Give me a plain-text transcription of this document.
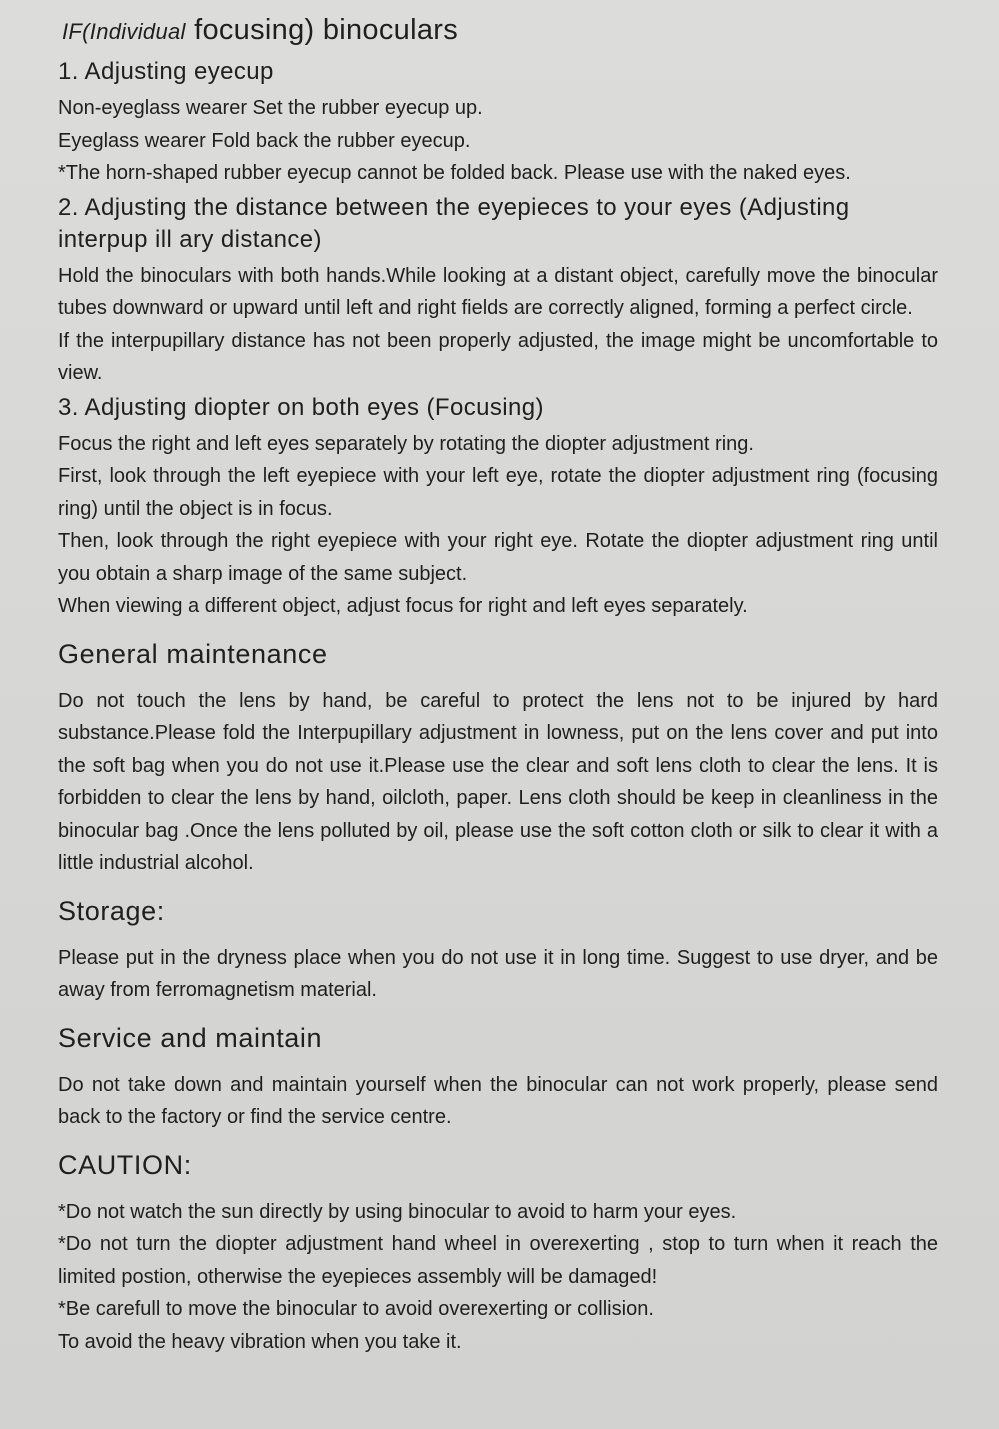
IF(Individual focusing) binoculars
1. Adjusting eyecup

Non-eyeglass wearer Set the rubber eyecup up.

Eyeglass wearer Fold back the rubber eyecup.

*The horn-shaped rubber eyecup cannot be folded back. Please use with the naked eyes.

2. Adjusting the distance between the eyepieces to your eyes (Adjusting interpup ill ary distance)

Hold the binoculars with both hands.While looking at a distant object, carefully move the binocular tubes downward or upward until left and right fields are correctly aligned, forming a perfect circle.

If the interpupillary distance has not been properly adjusted, the image might be uncomfortable to view.

3. Adjusting diopter on both eyes (Focusing)

Focus the right and left eyes separately by rotating the diopter adjustment ring.

First, look through the left eyepiece with your left eye, rotate the diopter adjustment ring (focusing ring) until the object is in focus.

Then, look through the right eyepiece with your right eye. Rotate the diopter adjustment ring until you obtain a sharp image of the same subject.

When viewing a different object, adjust focus for right and left eyes separately.

General maintenance

Do not touch the lens by hand, be careful to protect the lens not to be injured by hard substance.Please fold the Interpupillary adjustment in lowness, put on the lens cover and put into the soft bag when you do not use it.Please use the clear and soft lens cloth to clear the lens. It is forbidden to clear the lens by hand, oilcloth, paper. Lens cloth should be keep in cleanliness in the binocular bag .Once the lens polluted by oil, please use the soft cotton cloth or silk to clear it with a little industrial alcohol.

Storage:

Please put in the dryness place when you do not use it in long time. Suggest to use dryer, and be away from ferromagnetism material.

Service and maintain

Do not take down and maintain yourself when the binocular can not work properly, please send back to the factory or find the service centre.

CAUTION:

*Do not watch the sun directly by using binocular to avoid to harm your eyes.

*Do not turn the diopter adjustment hand wheel in overexerting , stop to turn when it reach the limited postion, otherwise the eyepieces assembly will be damaged!

*Be carefull to move the binocular to avoid overexerting or collision.

To avoid the heavy vibration when you take it.
